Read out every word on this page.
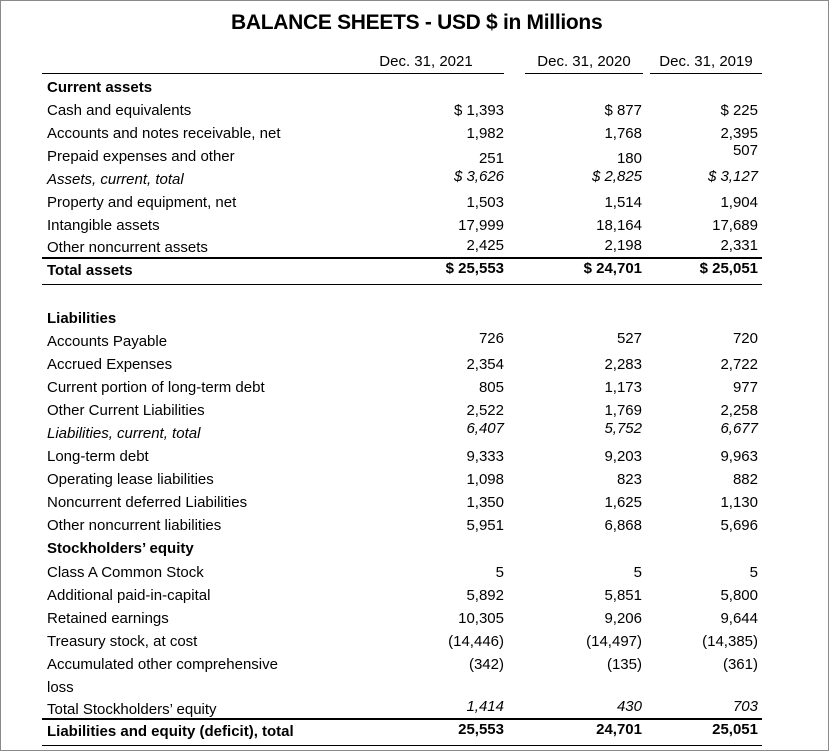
BALANCE SHEETS - USD $ in Millions
Dec. 31, 2021	Dec. 31, 2020	Dec. 31, 2019
Current assets
Cash and equivalents	$ 1,393	$ 877	$ 225
Accounts and notes receivable, net	1,982	1,768	2,395
Prepaid expenses and other	251	180	507
Assets, current, total	$ 3,626	$ 2,825	$ 3,127
Property and equipment, net	1,503	1,514	1,904
Intangible assets	17,999	18,164	17,689
Other noncurrent assets	2,425	2,198	2,331
Total assets	$ 25,553	$ 24,701	$ 25,051
Liabilities
Accounts Payable	726	527	720
Accrued Expenses	2,354	2,283	2,722
Current portion of long-term debt	805	1,173	977
Other Current Liabilities	2,522	1,769	2,258
Liabilities, current, total	6,407	5,752	6,677
Long-term debt	9,333	9,203	9,963
Operating lease liabilities	1,098	823	882
Noncurrent deferred Liabilities	1,350	1,625	1,130
Other noncurrent liabilities	5,951	6,868	5,696
Stockholders’ equity
Class A Common Stock	5	5	5
Additional paid-in-capital	5,892	5,851	5,800
Retained earnings	10,305	9,206	9,644
Treasury stock, at cost	(14,446)	(14,497)	(14,385)
Accumulated other comprehensive	(342)	(135)	(361)
loss
Total Stockholders’ equity	1,414	430	703
Liabilities and equity (deficit), total	25,553	24,701	25,051
